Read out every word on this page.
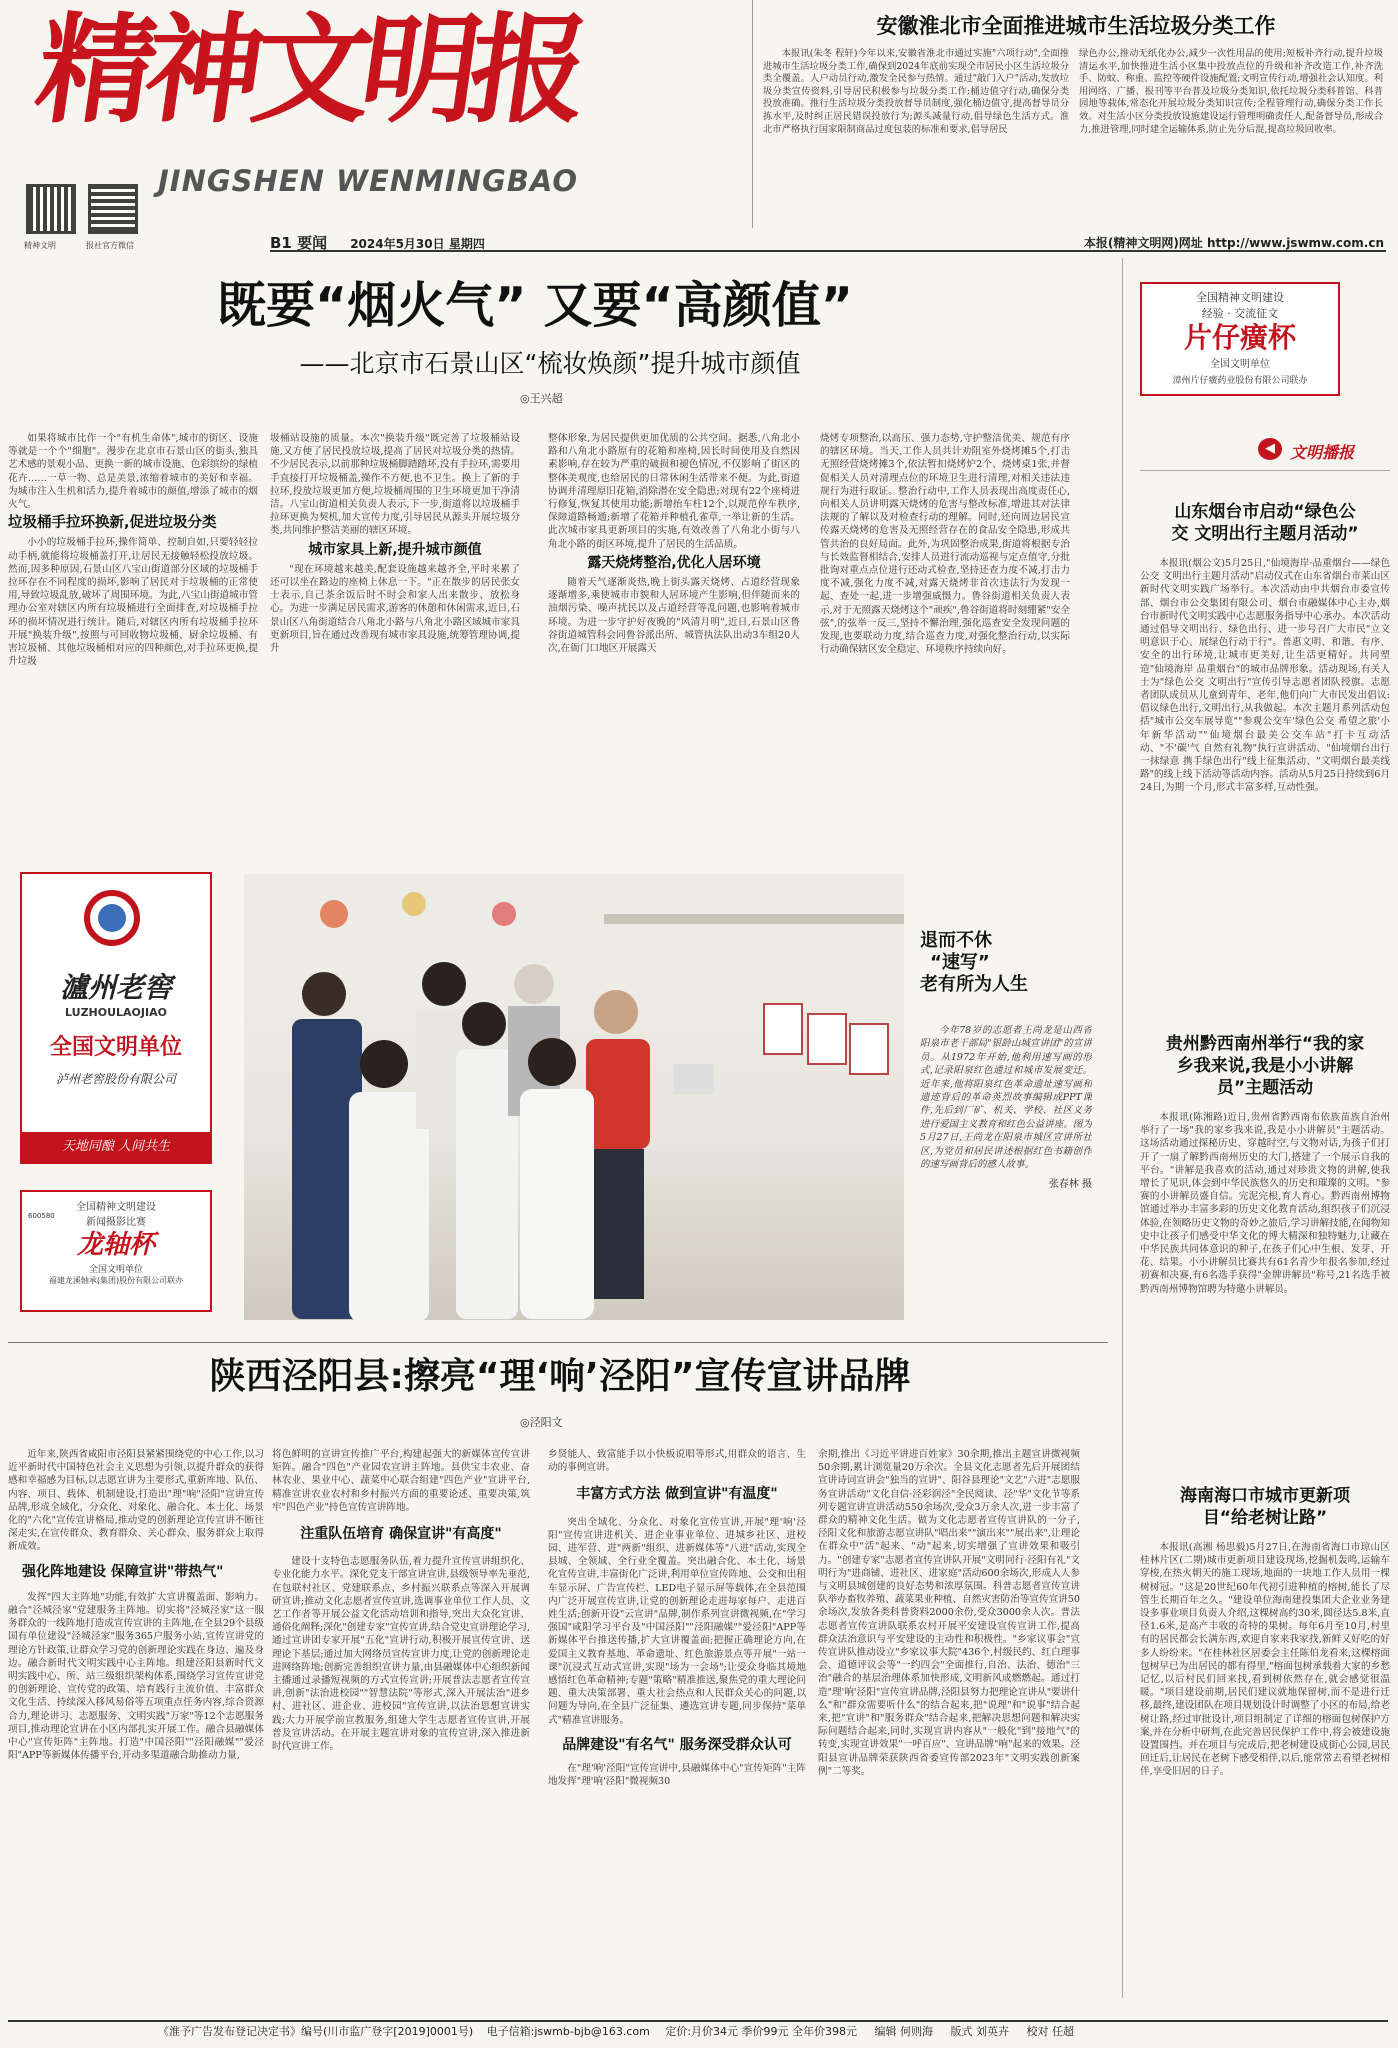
精神文明报
JINGSHEN WENMINGBAO
精神文明	报社官方微信	B1 要闻 2024年5月30日 星期四	本报(精神文明网)网址 http://www.jswmw.com.cn
安徽淮北市全面推进城市生活垃圾分类工作

本报讯(朱冬 程轩)今年以来,安徽省淮北市通过实施"六项行动",全面推进城市生活垃圾分类工作,确保到2024年底前实现全市居民小区生活垃圾分类全覆盖。人户动员行动,激发全民参与热情。通过"敲门入户"活动,发放垃圾分类宣传资料,引导居民积极参与垃圾分类工作;桶边值守行动,确保分类投放准确。推行生活垃圾分类投放督导员制度,强化桶边值守,提高督导员分拣水平,及时纠正居民错误投放行为;源头减量行动,倡导绿色生活方式。淮北市严格执行国家限制商品过度包装的标准和要求,倡导居民

绿色办公,推动无纸化办公,减少一次性用品的使用;短板补齐行动,提升垃圾清运水平,加快推进生活小区集中投放点位的升级和补齐改造工作,补齐洗手、防蚊、称重、监控等硬件设施配置;文明宣传行动,增强社会认知度。利用网络、广播、报刊等平台普及垃圾分类知识,依托垃圾分类科普馆、科普园地等载体,常态化开展垃圾分类知识宣传;全程管理行动,确保分类工作长效。对生活小区分类投放设施建设运行管理明确责任人,配备督导员,形成合力,推进管理,同时建全运输体系,防止先分后混,提高垃圾回收率。

既要“烟火气” 又要“高颜值”
——北京市石景山区“梳妆焕颜”提升城市颜值
◎王兴超
全国精神文明建设
经验 · 交流征文
片仔癀杯
全国文明单位
漳州片仔癀药业股份有限公司联办

如果将城市比作一个"有机生命体",城市的街区、设施等就是一个个"细胞"。漫步在北京市石景山区的街头,独具艺术感的景观小品、更换一新的城市设施、色彩缤纷的绿植花卉……一草一物、总是美景,浓缩着城市的美好和幸福。为城市注入生机和活力,提升着城市的颜值,增添了城市的烟火气。

垃圾桶手拉环换新,促进垃圾分类

小小的垃圾桶手拉环,操作简单、控制自如,只要轻轻拉动手柄,就能将垃圾桶盖打开,让居民无接触轻松投放垃圾。然而,因多种原因,石景山区八宝山街道部分区域的垃圾桶手拉环存在不同程度的损坏,影响了居民对于垃圾桶的正常使用,导致垃圾乱放,破坏了周围环境。为此,八宝山街道城市管理办公室对辖区内所有垃圾桶进行全面排查,对垃圾桶手拉环的损坏情况进行统计。随后,对辖区内所有垃圾桶手拉环开展"换装升级",按照与可回收物垃圾桶、厨余垃圾桶、有害垃圾桶、其他垃圾桶相对应的四种颜色,对手拉环更换,提升垃圾

圾桶站设施的质量。本次"换装升级"既完善了垃圾桶站设施,又方便了居民投放垃圾,提高了居民对垃圾分类的热情。不少居民表示,以前那种垃圾桶脚踏踏坏,没有手拉环,需要用手直接打开垃圾桶盖,操作不方便,也不卫生。换上了新的手拉环,投放垃圾更加方便,垃圾桶周围的卫生环境更加干净清洁。八宝山街道相关负责人表示,下一步,街道将以垃圾桶手拉环更换为契机,加大宣传力度,引导居民从源头开展垃圾分类,共同维护整洁美丽的辖区环境。

城市家具上新,提升城市颜值

"现在环境越来越美,配套设施越来越齐全,平时来累了还可以坐在路边的座椅上休息一下。"正在散步的居民张女士表示,自己茶余饭后时不时会和家人出来散步、放松身心。为进一步满足居民需求,游客的休憩和休闲需求,近日,石景山区八角街道结合八角北小路与八角北小路区域城市家具更新项目,旨在通过改善现有城市家具设施,统筹管理协调,提升

整体形象,为居民提供更加优质的公共空间。据悉,八角北小路和八角北小路原有的花箱和座椅,因长时间使用及自然因素影响,存在较为严重的破损和褪色情况,不仅影响了街区的整体美观度,也给居民的日常休闲生活带来不便。为此,街道协调并清理原旧花箱,消除潜在安全隐患;对现有22个座椅进行修复,恢复其使用功能;新增抬车柱12个,以规范停车秩序,保障道路畅通;新增了花箱并种植孔雀草,一举让新的生活。此次城市家具更新项目的实施,有效改善了八角北小街与八角北小路的街区环境,提升了居民的生活品质。

露天烧烤整治,优化人居环境

随着天气逐渐炎热,晚上街头露天烧烤、占道经营现象逐渐增多,乘使城市市貌和人居环境产生影响,但伴随而来的油烟污染、噪声扰民以及占道经营等乱问题,也影响着城市环境。为进一步守护好夜晚的"风清月明",近日,石景山区鲁谷街道城管科会同鲁谷派出所、城管执法队出动3车组20人次,在衙门口地区开展露天

烧烤专项整治,以高压、强力态势,守护整洁优美、规范有序的辖区环境。当天,工作人员共计劝阻室外烧烤摊5个,打击无照经营烧烤摊3个,依法暂扣烧烤炉2个、烧烤桌1张,并督促相关人员对清理点位的环境卫生进行清理,对相关违法违规行为进行取证。整治行动中,工作人员表现出高度责任心,向相关人员讲明露天烧烤的危害与整改标准,增进其对法律法规的了解以及对检查行动的理解。同时,还向周边居民宣传露天烧烤的危害及无照经营存在的食品安全隐患,形成共管共治的良好局面。此外,为巩固整治成果,街道将根据专治与长效监督相结合,安排人员进行流动巡视与定点值守,分批批询对重点点位进行还动式检查,坚持还查力度不减,打击力度不减,强化力度不减,对露天烧烤非首次违法行为发现一起、查处一起,进一步增强威慑力。鲁谷街道相关负责人表示,对于无照露天烧烤这个"顽疾",鲁谷街道将时刻绷紧"安全弦",的弦举一反三,坚持不懈治理,强化巡查安全发现问题的发现,也要联动力度,结合巡查力度,对强化整治行动,以实际行动确保辖区安全稳定、环境秩序持续向好。

瀘州老窖
LUZHOULAOJIAO
全国文明单位
泸州老窖股份有限公司
天地同酿 人间共生
600580
全国精神文明建设
新闻摄影比赛
龙轴杯
全国文明单位
福建龙溪轴承(集团)股份有限公司联办
退而不休
“速写”
老有所为人生

今年78岁的志愿者王尚龙是山西省阳泉市老干部局"银龄山城宣讲团"的宣讲员。从1972年开始,他利用速写画的形式,记录阳泉红色通过和城市发展变迁。近年来,他将阳泉红色革命遗址速写画和遗迹背后的革命英烈故事编辑成PPT课件,先后到厂矿、机关、学校、社区义务进行爱国主义教育和红色公益讲座。图为5月27日,王尚龙在阳泉市城区宣讲所社区,为党员和居民讲述根据红色书籍创作的速写画背后的感人故事。

张春林 摄
陕西泾阳县:擦亮“理‘响’泾阳”宣传宣讲品牌
◎泾阳文

近年来,陕西省咸阳市泾阳县紧紧围绕党的中心工作,以习近平新时代中国特色社会主义思想为引领,以提升群众的获得感和幸福感为目标,以志愿宣讲为主要形式,重新库地、队伍、内容、项目、载体、机制建设,打造出"理"响"泾阳"宣讲宣传品牌,形成全域化、分众化、对象化、融合化、本土化、场景化的"六化"宣传宣讲格局,推动党的创新理论宣传宣讲不断往深走实,在宣传群众、教育群众、关心群众、服务群众上取得新成效。

强化阵地建设 保障宣讲"带热气"

发挥"四大主阵地"功能,有效扩大宣讲覆盖面、影响力。融合"泾城泾家"党建服务主阵地。切实将"泾城泾家"这一服务群众的一线阵地打造成宣传宣讲的主阵地,在全县29个县级国有单位建设"泾城泾家"服务365户服务小站,宣传宣讲党的理论方针政策,让群众学习党的创新理论实践在身边、遍及身边。融合新时代文明实践中心主阵地。组建泾阳县新时代文明实践中心、所、站三级组织架构体系,围绕学习宣传宣讲党的创新理论、宣传党的政策、培育践行主流价值、丰富群众文化生活、持续深入移风易俗等五项重点任务内容,综合资源合力,理论讲习、志愿服务、文明实践"万家"等12个志愿服务项目,推动理论宣讲在小区内部扎实开展工作。融合县融媒体中心"宣传矩阵"主阵地。打造"中国泾阳""泾阳融媒""爱泾阳"APP等新媒体传播平台,开动多渠道融合助推动力量,

将色鲜明的宣讲宣传推广平台,构建起强大的新媒体宣传宣讲矩阵。融合"四色"产业园农宣讲主阵地。县供宝丰农业、奋林农业、果业中心、蔬菜中心联合组建"四色产业"宣讲平台,精准宣讲农业农村和乡村振兴方面的重要论述、重要决策,筑牢"四色产业"持色宣传宣讲阵地。

注重队伍培育 确保宣讲"有高度"

建设十支特色志愿服务队伍,着力提升宣传宣讲组织化、专业化能力水平。深化党支干部宣讲宣讲,县级领导率先垂范,在包联村社区、党建联系点、乡村振兴联系点等深入开展调研宣讲;推动文化志愿者宣传宣讲,选调事业单位工作人员、文艺工作者等开展公益文化活动培训和指导,突出大众化宣讲、通俗化阐释;深化"创建专家"宣传宣讲,结合党史宣讲理论学习,通过宣讲团专家开展"五化"宣讲行动,积极开展宣传宣讲、送理论下基层;通过加大网络员宣传宣讲力度,让党的创新理论走进网络阵地;创新完善组织宣讲力量,由县融媒体中心组织新闻主播通过录播短视频的方式宣传宣讲;开展普法志愿者宣传宣讲,创新"法治进校园""智慧法院"等形式,深入开展法治"进乡村、进社区、进企业、进校园"宣传宣讲,以法治思想宣讲实践;大力开展学前宣教服务,组建大学生志愿者宣传宣讲,开展普及宣讲活动。在开展主题宣讲对象的宣传宣讲,深入推进新时代宣讲工作。

乡贤能人、致富能手以小快板说唱等形式,用群众的语言、生动的事例宣讲。

丰富方式方法 做到宣讲"有温度"

突出全域化、分众化、对象化宣传宣讲,开展"理'响'泾阳"宣传宣讲进机关、进企业事业单位、进城乡社区、进校园、进军营、进"两新"组织、进新媒体等"八进"活动,实现全县城、全领域、全行业全覆盖。突出融合化、本土化、场景化宣传宣讲,丰富街化广泛讲,利用单位宣传阵地、公交和出租车显示屏、广告宣传栏、LED电子显示屏等载体,在全县范围内广泛开展宣传宣讲,让党的创新理论走进每家每户、走进百姓生活;创新开设"云宣讲"品牌,制作系列宣讲微视频,在"学习强国"咸阳学习平台及"中国泾阳""泾阳融媒""爱泾阳"APP等新媒体平台推送传播,扩大宣讲覆盖面;把握正确理论方向,在爱国主义教育基地、革命遗址、红色旅游景点等开展"一站一课"沉浸式互动式宣讲,实现"场为一会场";让受众身临其境地感悟红色革命精神;专题"策略"精准推送,聚焦党的重大理论问题、重大决策部署、重大社会热点和人民群众关心的问题,以问题为导向,在全县广泛征集、遴选宣讲专题,同步保持"菜单式"精准宣讲服务。

品牌建设"有名气" 服务深受群众认可

在"理'响'泾阳"宣传宣讲中,县融媒体中心"宣传矩阵"主阵地发挥"理'响'泾阳"微视频30

余期,推出《习近平讲进百姓家》30余期,推出主题宣讲微视频50余期,累计浏览量20万余次。全县文化志愿者先后开展团结宣讲诗词宣讲会"独当的宣讲"、阳谷县理论"文艺"六进"志愿服务宣讲活动"文化自信·泾彩润泾"全民阅读、泾"华"文化节等系列专题宣讲宣讲活动550余场次,受众3万余人次,进一步丰富了群众的精神文化生活。做为文化志愿者宣传宣讲队的一分子,泾阳文化和旅游志愿宣讲队"唱出来""演出来""展出来",让理论在群众中"活"起来、"动"起来,切实增强了宣讲效果和吸引力。"创建专家"志愿者宣传宣讲队开展"文明同行·泾阳有礼"文明行为"进商铺、进社区、进家庭"活动600余场次,形成人人参与文明县城创建的良好态势和浓厚氛围。科普志愿者宣传宣讲队举办畜牧养殖、蔬菜果业种植、自然灾害防治等宣传宣讲50余场次,发放各类科普资料2000余份,受众3000余人次。普法志愿者宣传宣讲队联系农村开展平安建设宣传宣讲工作,提高群众法治意识与平安建设的主动性和积极性。"乡家议事会"宣传宣讲队推动设立"乡家议事大院"436个,村级民约、红白理事会、道德评议会等"一约四会"全面推行,自治、法治、德治"三治"融合的基层治理体系加快形成,文明新风成燃燃起。通过打造"理'响'泾阳"宣传宣讲品牌,泾阳县努力把理论宣讲从"要讲什么"和"群众需要听什么"的结合起来,把"说理"和"说事"结合起来,把"宣讲"和"服务群众"结合起来,把解决思想问题和解决实际问题结合起来,同时,实现宣讲内容从"一般化"到"接地气"的转变,实现宣讲效果"一呼百应"、宣讲品牌"响"起来的效果。泾阳县宣讲品牌荣获陕西省委宣传部2023年"文明实践创新案例"二等奖。

◀ 文明播报
山东烟台市启动“绿色公交 文明出行主题月活动”

本报讯(烟公文)5月25日,"仙境海岸·品重烟台——绿色公交 文明出行主题月活动"启动仪式在山东省烟台市莱山区新时代文明实践广场举行。本次活动由中共烟台市委宣传部、烟台市公交集团有限公司、烟台市融媒体中心主办,烟台市新时代文明实践中心志愿服务指导中心承办。本次活动通过倡导文明出行、绿色出行、进一步号召广大市民"立文明意识于心、展绿色行动于行"。普惠文明、和谐、有序、安全的出行环境,让城市更美好,让生活更精好。共同塑造"仙境海岸 品重烟台"的城市品牌形象。活动现场,有关人士为"绿色公交 文明出行"宣传引导志愿者团队授旗。志愿者团队成员从儿童到青年、老年,他们向广大市民发出倡议:倡议绿色出行,文明出行,从我做起。本次主题月系列活动包括"城市公交车展导览""参观公交车'绿色公交 希望之旅'小年新华活动""仙境烟台最美公交车站"打卡互动活动、"不'碳'气 自然有礼物"执行宣讲活动、"仙境烟台出行一抹绿意 携手绿色出行"线上征集活动、"文明烟台最美线路"的线上线下活动等活动内容。活动从5月25日持续到6月24日,为期一个月,形式丰富多样,互动性强。

贵州黔西南州举行“我的家乡我来说,我是小小讲解员”主题活动

本报讯(陈湘路)近日,贵州省黔西南布依族苗族自治州举行了一场"我的家乡我来说,我是小小讲解员"主题活动。这场活动通过探秘历史、穿越时空,与文物对话,为孩子们打开了一扇了解黔西南州历史的大门,搭建了一个展示自我的平台。"讲解是我喜欢的活动,通过对珍贵文物的讲解,使我增长了见识,体会到中华民族悠久的历史和璀璨的文明。"参赛的小讲解员盛自信。完泥完根,育人育心。黔西南州博物馆通过举办丰富多彩的历史文化教育活动,组织孩子们沉浸体验,在领略历史文物的奇妙之旅后,学习讲解技能,在闻物知史中让孩子们感受中华文化的博大精深和独特魅力,让藏在中华民族共同体意识的种子,在孩子们心中生根、发芽、开花、结果。小小讲解员比赛共有61名青少年报名参加,经过初赛和决赛,有6名选手获得"金牌讲解员"称号,21名选手被黔西南州博物馆聘为特邀小讲解员。

海南海口市城市更新项目“给老树让路”

本报讯(高湘 杨思毅)5月27日,在海南省海口市琼山区桂林片区(二期)城市更新项目建设现场,挖掘机轰鸣,运输车穿梭,在热火朝天的施工现场,地面的一块地工作人员用一棵树树冠。"这是20世纪60年代初引进种植的榕树,能长了尽管生长期百年之久。"建设单位海南建投集团大企业业务建设多事业项目负责人介绍,这棵树高约30米,圆径达5.8米,直径1.6米,是高产丰收的奇特的果树。每年6月至10月,村里有的居民都会长满东西,欢迎自家来我家找,新鲜又好吃的好多人纷纷来。"在桂林社区居委会主任陈伯龙看来,这棵榕面包树早已为出居民的都有得里,"榕面包树承载着大家的乡愁记忆,以后村民们回来找,看到树依然存在,就会感觉很温暖。"项目建设前期,居民们建议就地保留树,而不是进行迁移,最终,建设团队在项目规划设计时调整了小区的布局,给老树让路,经过审批设计,项目组制定了详细的榕面包树保护方案,并在分析中研判,在此完善居民保护工作中,将会被建设施设置围挡。并在项目与完成后,把老树建设成街心公园,居民回迁后,让居民在老树下感受相伴,以后,能常常去看望老树相伴,享受旧居的日子。

《淮予广告发布登记决定书》编号(川市监广登字[2019]0001号) 电子信箱:jswmb-bjb@163.com 定价:月价34元 季价99元 全年价398元 编辑 何则海 版式 刘英卉 校对 任超
